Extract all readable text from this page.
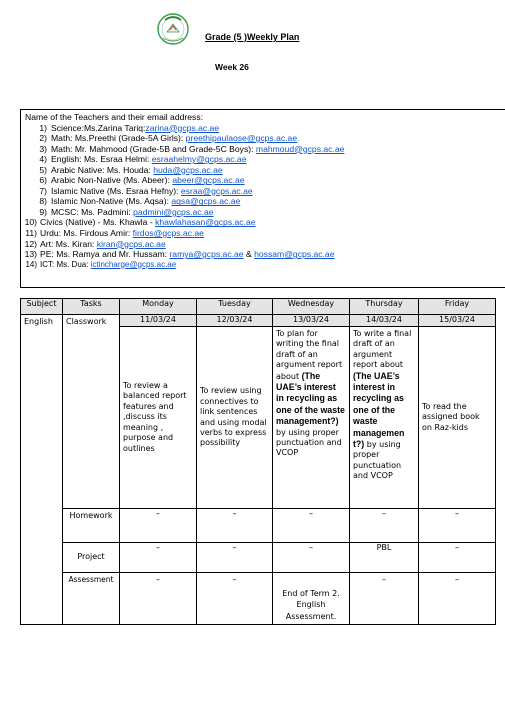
Grade (5 )Weekly Plan
Week 26
Name of the Teachers and their email address:
1) Science:Ms.Zarina Tariq:zarina@gcps.ac.ae
2) Math: Ms.Preethi (Grade-5A Girls): preethipaulaose@gcps.ac.ae
3) Math: Mr. Mahmood (Grade-5B and Grade-5C Boys): mahmoud@gcps.ac.ae
4) English: Ms. Esraa Helmi: esraahelmy@gcps.ac.ae
5) Arabic Native: Ms. Houda: huda@gcps.ac.ae
6) Arabic Non-Native (Ms. Abeer): abeer@gcps.ac.ae
7) Islamic Native (Ms. Esraa Hefny): esraa@gcps.ac.ae
8) Islamic Non-Native (Ms. Aqsa): aqsa@gcps.ac.ae
9) MCSC: Ms. Padmini: padmini@gcps.ac.ae
10) Civics (Native) - Ms. Khawla - khawlahasan@gcps.ac.ae
11) Urdu: Ms. Firdous Amir: firdos@gcps.ac.ae
12) Art: Ms. Kiran: kiran@gcps.ac.ae
13) PE: Ms. Ramya and Mr. Hussam: ramya@gcps.ac.ae & hossam@gcps.ac.ae
14) ICT: Ms. Dua: ictincharge@gcps.ac.ae
Subject	Tasks	Monday	Tuesday	Wednesday	Thursday	Friday
English	Classwork	11/03/24	12/03/24	13/03/24	14/03/24	15/03/24
		To review a balanced report features and ,discuss its meaning , purpose and outlines	To review using connectives to link sentences and using modal verbs to express possibility	To plan for writing the final draft of an argument report about (The UAE’s interest in recycling as one of the waste management?) by using proper punctuation and VCOP	To write a final draft of an argument report about (The UAE’s interest in recycling as one of the waste managemen t?) by using proper punctuation and VCOP	To read the assigned book on Raz-kids
	Homework	–	–	–	–	–
	Project	–	–	–	PBL	–
	Assessment	–	–	End of Term 2. English Assessment.	–	–
